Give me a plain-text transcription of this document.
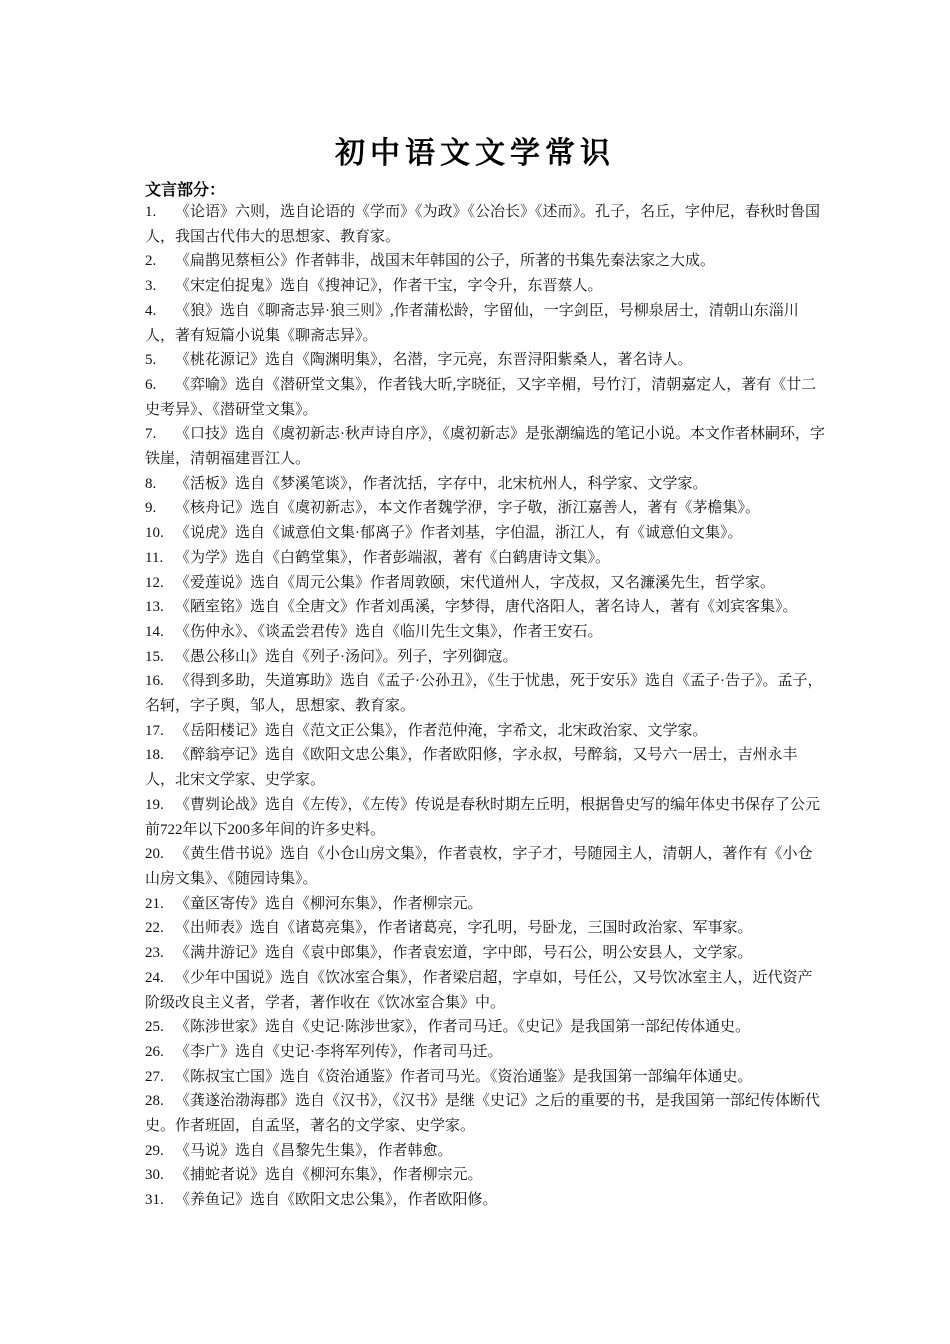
初中语文文学常识
文言部分：

1. 《论语》六则，选自论语的《学而》《为政》《公冶长》《述而》。孔子，名丘，字仲尼，春秋时鲁国人，我国古代伟大的思想家、教育家。

2. 《扁鹊见蔡桓公》作者韩非，战国末年韩国的公子，所著的书集先秦法家之大成。

3. 《宋定伯捉鬼》选自《搜神记》，作者干宝，字令升，东晋蔡人。

4. 《狼》选自《聊斋志异·狼三则》,作者蒲松龄，字留仙，一字剑臣，号柳泉居士，清朝山东淄川人，著有短篇小说集《聊斋志异》。

5. 《桃花源记》选自《陶渊明集》，名潜，字元亮，东晋浔阳紫桑人，著名诗人。

6. 《弈喻》选自《潜研堂文集》，作者钱大昕,字晓征，又字辛楣，号竹汀，清朝嘉定人，著有《廿二史考异》、《潜研堂文集》。

7. 《口技》选自《虞初新志·秋声诗自序》，《虞初新志》是张潮编选的笔记小说。本文作者林嗣环，字铁崖，清朝福建晋江人。

8. 《活板》选自《梦溪笔谈》，作者沈括，字存中，北宋杭州人，科学家、文学家。

9. 《核舟记》选自《虞初新志》，本文作者魏学洢，字子敬，浙江嘉善人，著有《茅檐集》。

10. 《说虎》选自《诚意伯文集·郁离子》作者刘基，字伯温，浙江人，有《诚意伯文集》。

11. 《为学》选自《白鹤堂集》，作者彭端淑，著有《白鹤唐诗文集》。

12. 《爱莲说》选自《周元公集》作者周敦颐，宋代道州人，字茂叔，又名濂溪先生，哲学家。

13. 《陋室铭》选自《全唐文》作者刘禹溪，字梦得，唐代洛阳人，著名诗人，著有《刘宾客集》。

14. 《伤仲永》、《谈孟尝君传》选自《临川先生文集》，作者王安石。

15. 《愚公移山》选自《列子·汤问》。列子，字列御寇。

16. 《得到多助，失道寡助》选自《孟子·公孙丑》，《生于忧患，死于安乐》选自《孟子·告子》。孟子，名轲，字子舆，邹人，思想家、教育家。

17. 《岳阳楼记》选自《范文正公集》，作者范仲淹，字希文，北宋政治家、文学家。

18. 《醉翁亭记》选自《欧阳文忠公集》，作者欧阳修，字永叔，号醉翁，又号六一居士，吉州永丰人，北宋文学家、史学家。

19. 《曹刿论战》选自《左传》，《左传》传说是春秋时期左丘明，根据鲁史写的编年体史书保存了公元前722年以下200多年间的许多史料。

20. 《黄生借书说》选自《小仓山房文集》，作者袁枚，字子才，号随园主人，清朝人，著作有《小仓山房文集》、《随园诗集》。

21. 《童区寄传》选自《柳河东集》，作者柳宗元。

22. 《出师表》选自《诸葛亮集》，作者诸葛亮，字孔明，号卧龙，三国时政治家、军事家。

23. 《满井游记》选自《袁中郎集》，作者袁宏道，字中郎，号石公，明公安县人，文学家。

24. 《少年中国说》选自《饮冰室合集》，作者梁启超，字卓如，号任公，又号饮冰室主人，近代资产阶级改良主义者，学者，著作收在《饮冰室合集》中。

25. 《陈涉世家》选自《史记·陈涉世家》，作者司马迁。《史记》是我国第一部纪传体通史。

26. 《李广》选自《史记·李将军列传》，作者司马迁。

27. 《陈叔宝亡国》选自《资治通鉴》作者司马光。《资治通鉴》是我国第一部编年体通史。

28. 《龚遂治渤海郡》选自《汉书》，《汉书》是继《史记》之后的重要的书，是我国第一部纪传体断代史。作者班固，自孟坚，著名的文学家、史学家。

29. 《马说》选自《昌黎先生集》，作者韩愈。

30. 《捕蛇者说》选自《柳河东集》，作者柳宗元。

31. 《养鱼记》选自《欧阳文忠公集》，作者欧阳修。
